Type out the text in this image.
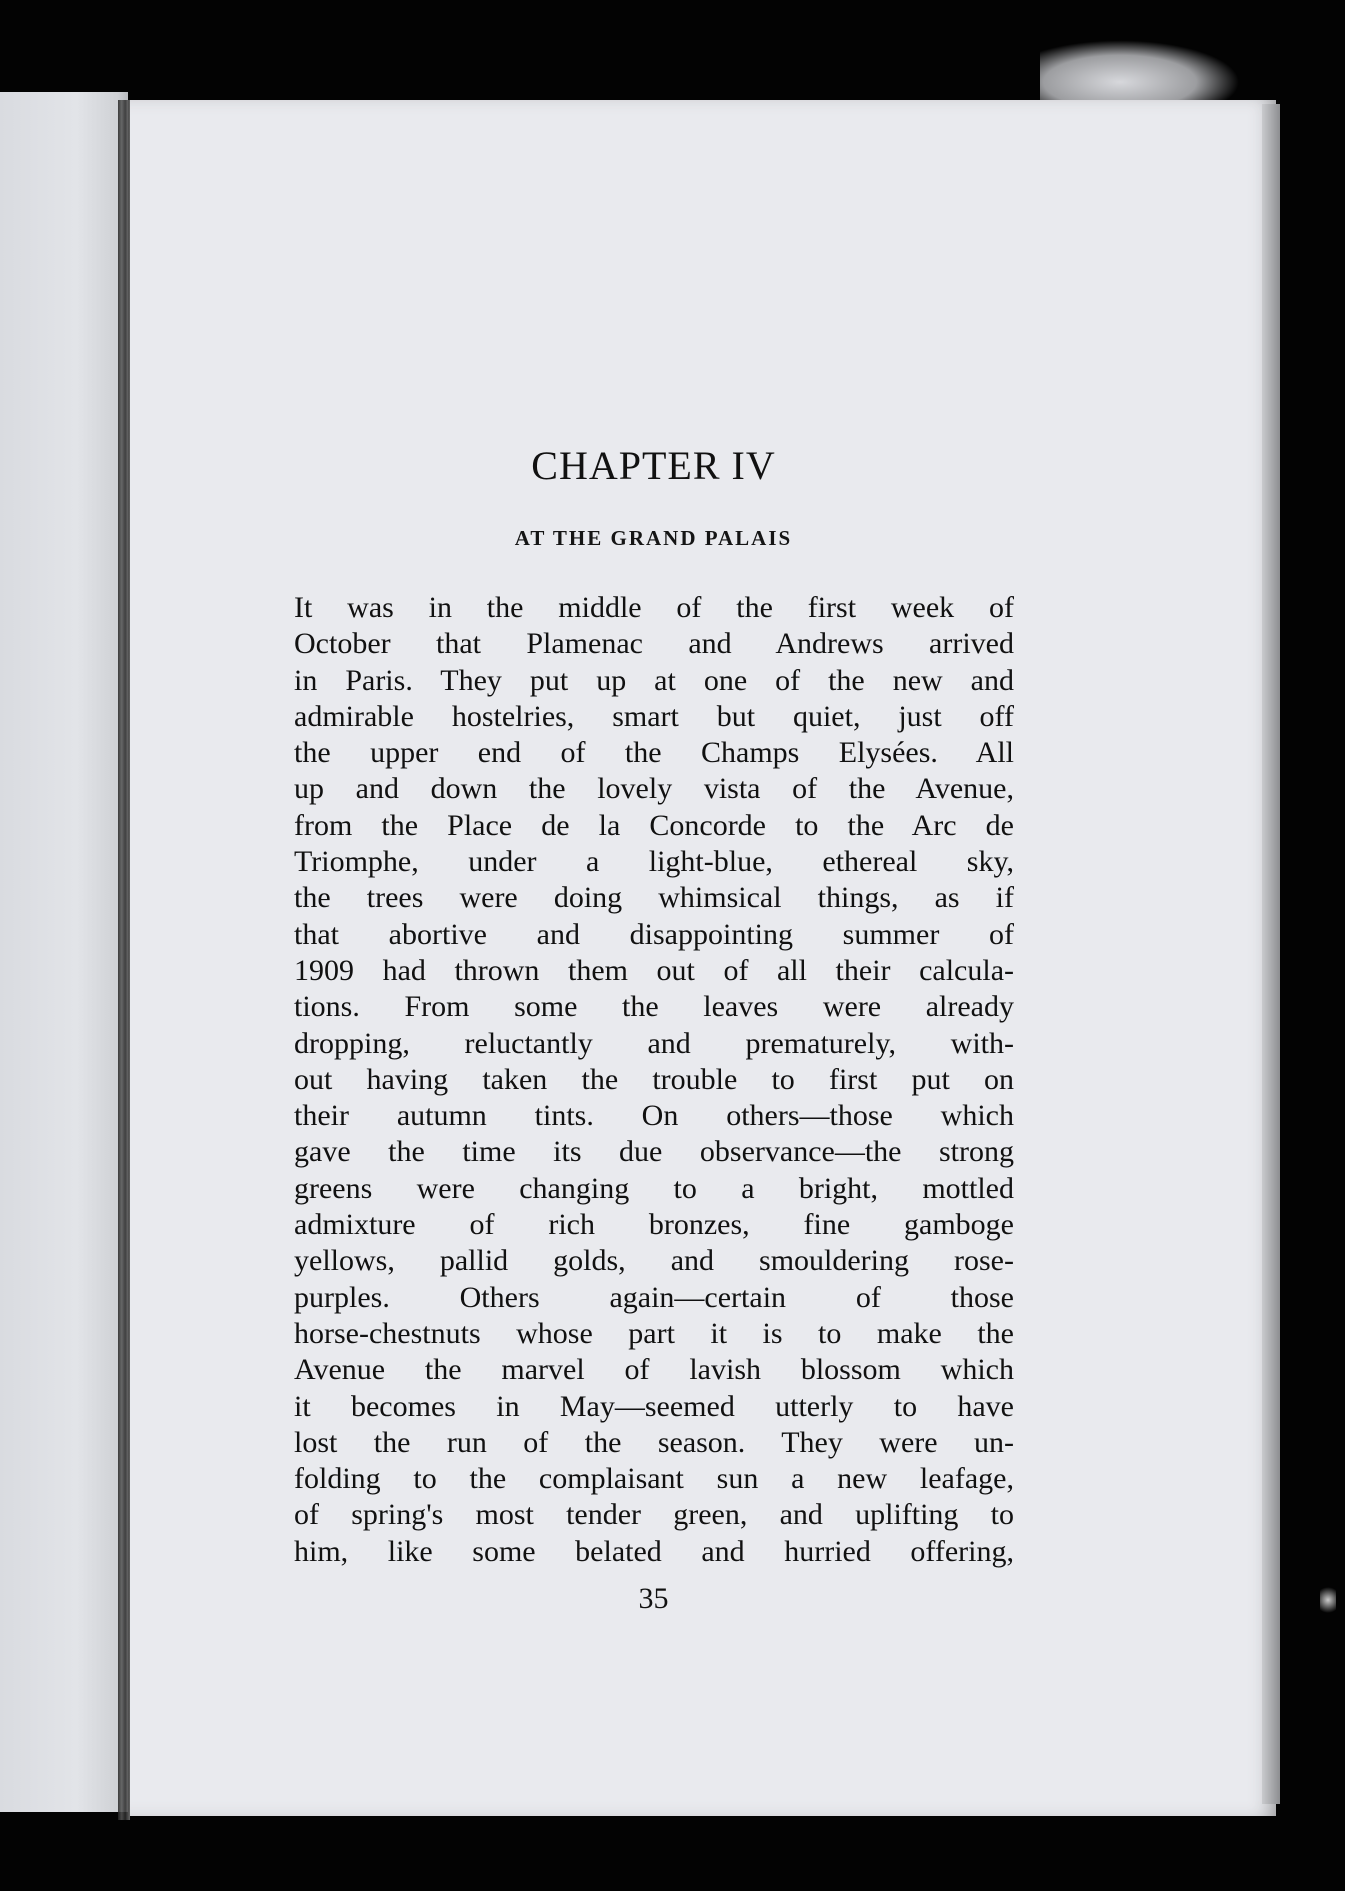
CHAPTER IV
AT THE GRAND PALAIS
It was in the middle of the first week of
October that Plamenac and Andrews arrived
in Paris. They put up at one of the new and
admirable hostelries, smart but quiet, just off
the upper end of the Champs Elysées. All
up and down the lovely vista of the Avenue,
from the Place de la Concorde to the Arc de
Triomphe, under a light-blue, ethereal sky,
the trees were doing whimsical things, as if
that abortive and disappointing summer of
1909 had thrown them out of all their calcula-
tions. From some the leaves were already
dropping, reluctantly and prematurely, with-
out having taken the trouble to first put on
their autumn tints. On others—those which
gave the time its due observance—the strong
greens were changing to a bright, mottled
admixture of rich bronzes, fine gamboge
yellows, pallid golds, and smouldering rose-
purples. Others again—certain of those
horse-chestnuts whose part it is to make the
Avenue the marvel of lavish blossom which
it becomes in May—seemed utterly to have
lost the run of the season. They were un-
folding to the complaisant sun a new leafage,
of spring's most tender green, and uplifting to
him, like some belated and hurried offering,
35
